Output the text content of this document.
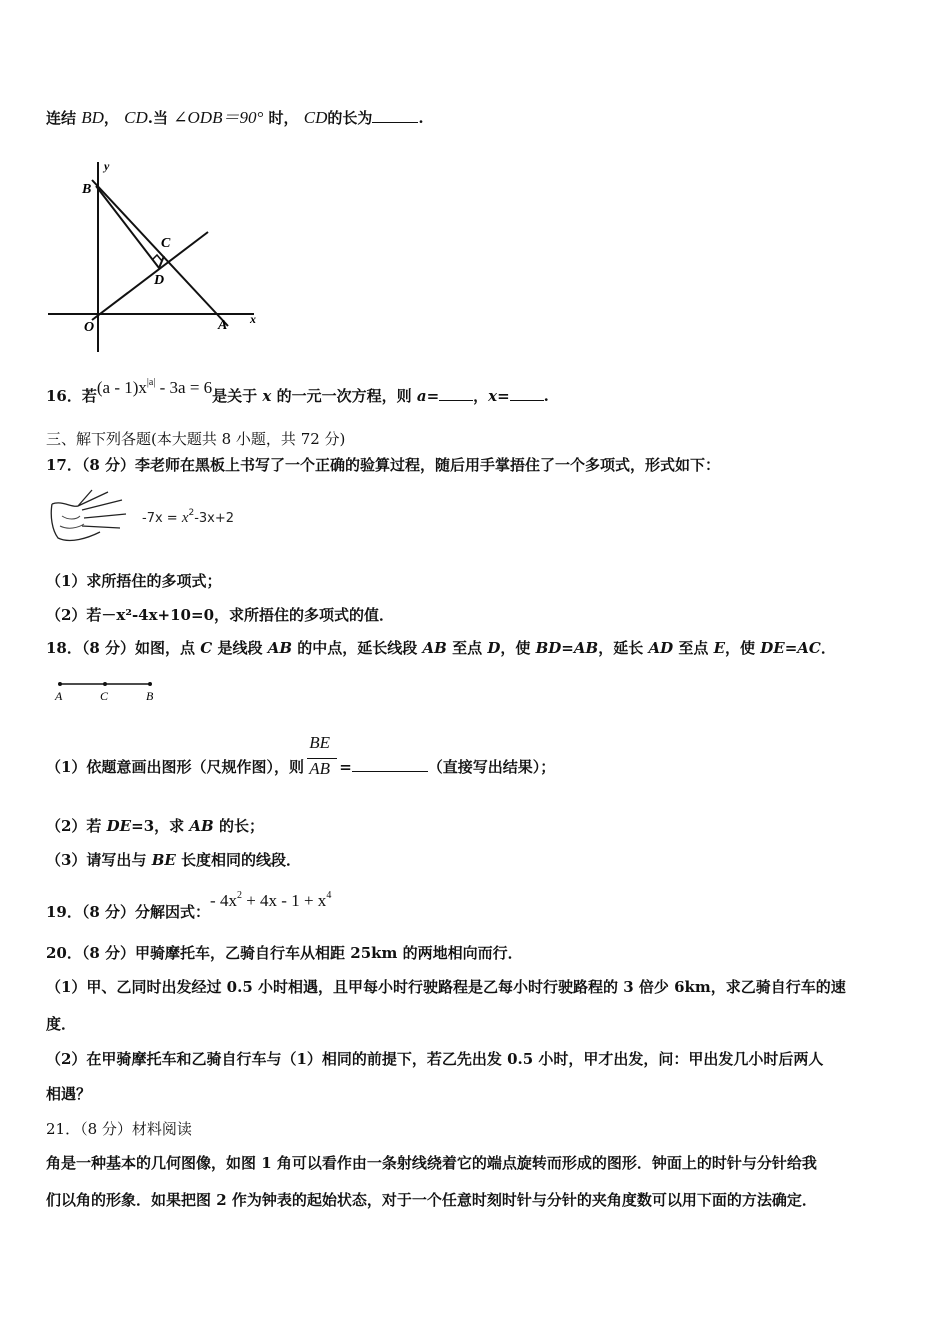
连结 BD， CD.当 ∠ODB＝90° 时， CD的长为	.
y
B
C
D
O	A x
16．若$(a - 1)x^{|a|} - 3a = 6$是关于 x 的一元一次方程，则 a= ，x= .
三、解下列各题(本大题共 8 小题，共 72 分)
17．（8 分）李老师在黑板上书写了一个正确的验算过程，随后用手掌捂住了一个多项式，形式如下：
$-7x = x^2-3x+2$
（1）求所捂住的多项式；
（2）若－x²-4x+10=0，求所捂住的多项式的值．
18．（8 分）如图，点 C 是线段 AB 的中点，延长线段 AB 至点 D，使 BD=AB，延长 AD 至点 E，使 DE=AC．
A	C	B
（1）依题意画出图形（尺规作图），则 $\frac{BE}{AB}$ =	（直接写出结果）；
（2）若 DE=3，求 AB 的长；
（3）请写出与 BE 长度相同的线段．
19．（8 分）分解因式：- $4x^2 + 4x - 1 + x^4$
20．（8 分）甲骑摩托车，乙骑自行车从相距 25km 的两地相向而行．
（1）甲、乙同时出发经过 0.5 小时相遇，且甲每小时行驶路程是乙每小时行驶路程的 3 倍少 6km，求乙骑自行车的速
度．
（2）在甲骑摩托车和乙骑自行车与（1）相同的前提下，若乙先出发 0.5 小时，甲才出发，问：甲出发几小时后两人
相遇？
21．（8 分）材料阅读
角是一种基本的几何图像，如图 1 角可以看作由一条射线绕着它的端点旋转而形成的图形．钟面上的时针与分针给我
们以角的形象．如果把图 2 作为钟表的起始状态，对于一个任意时刻时针与分针的夹角度数可以用下面的方法确定．
